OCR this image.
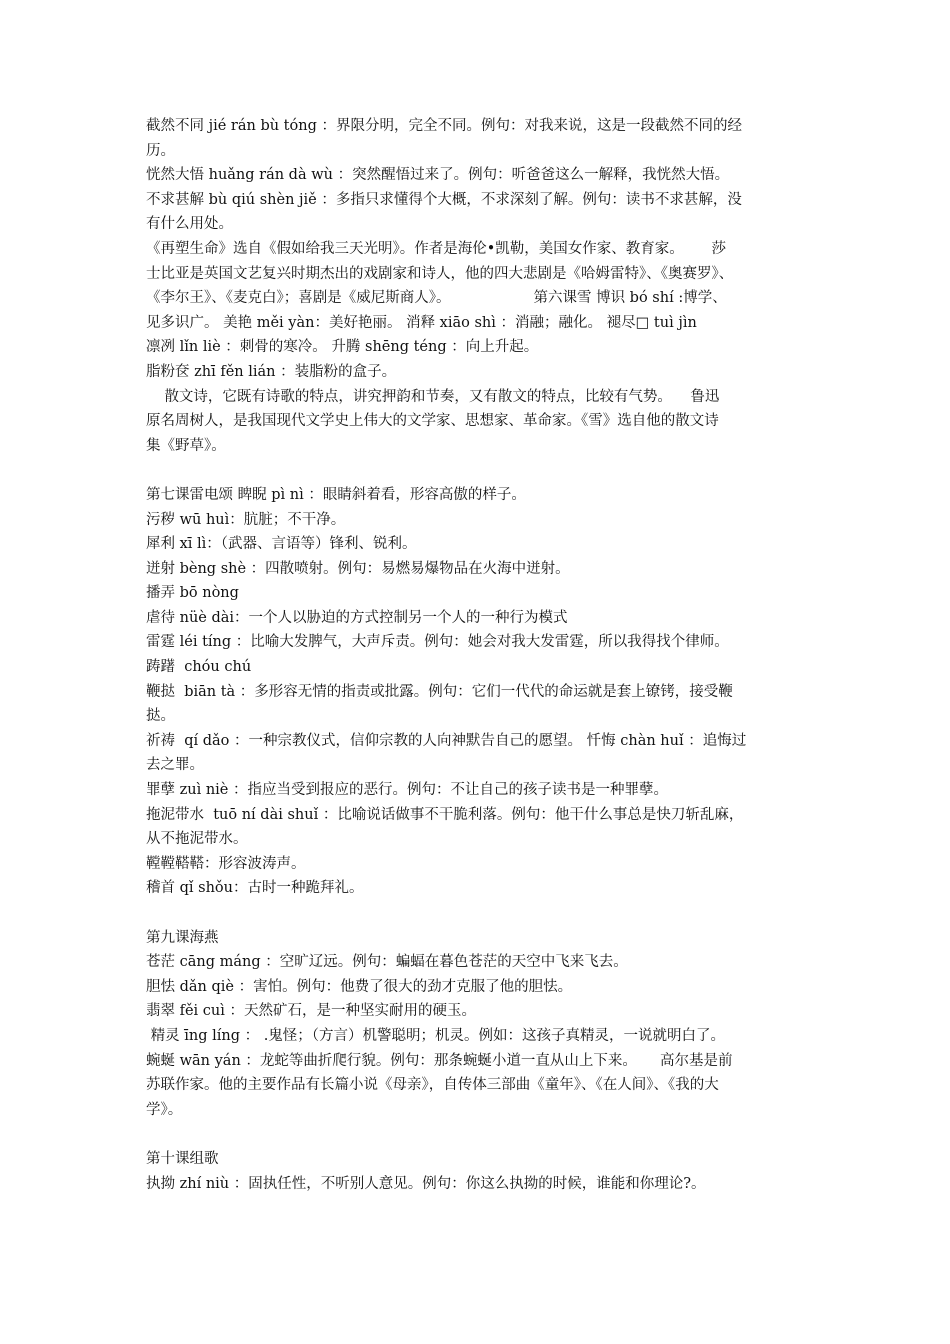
截然不同 jié rán bù tóng ：界限分明，完全不同。例句：对我来说，这是一段截然不同的经
历。
恍然大悟 huǎng rán dà wù ：突然醒悟过来了。例句：听爸爸这么一解释，我恍然大悟。
不求甚解 bù qiú shèn jiě ：多指只求懂得个大概，不求深刻了解。例句：读书不求甚解，没
有什么用处。
《再塑生命》选自《假如给我三天光明》。作者是海伦•凯勒，美国女作家、教育家。      莎
士比亚是英国文艺复兴时期杰出的戏剧家和诗人，他的四大悲剧是《哈姆雷特》、《奥赛罗》、
《李尔王》、《麦克白》；喜剧是《威尼斯商人》。                  第六课雪 博识 bó shí :博学、
见多识广。 美艳 měi yàn：美好艳丽。 消释 xiāo shì ：消融；融化。 褪尽□ tuì jìn
凛冽 lǐn liè ：刺骨的寒冷。 升腾 shēng téng ：向上升起。
脂粉奁 zhī fěn lián ：装脂粉的盒子。
散文诗，它既有诗歌的特点，讲究押韵和节奏，又有散文的特点，比较有气势。    鲁迅
原名周树人，是我国现代文学史上伟大的文学家、思想家、革命家。《雪》选自他的散文诗
集《野草》。
第七课雷电颂 睥睨 pì nì ：眼睛斜着看，形容高傲的样子。
污秽 wū huì：肮脏；不干净。
犀利 xī lì：（武器、言语等）锋利、锐利。
迸射 bèng shè ：四散喷射。例句：易燃易爆物品在火海中迸射。
播弄 bō nòng
虐待 nüè dài：一个人以胁迫的方式控制另一个人的一种行为模式
雷霆 léi tíng ：比喻大发脾气，大声斥责。例句：她会对我大发雷霆，所以我得找个律师。
踌躇  chóu chú
鞭挞  biān tà ：多形容无情的指责或批露。例句：它们一代代的命运就是套上镣铐，接受鞭
挞。
祈祷  qí dǎo ：一种宗教仪式，信仰宗教的人向神默告自己的愿望。 忏悔 chàn huǐ ：追悔过
去之罪。
罪孽 zuì niè ：指应当受到报应的恶行。例句：不让自己的孩子读书是一种罪孽。
拖泥带水  tuō ní dài shuǐ ：比喻说话做事不干脆利落。例句：他干什么事总是快刀斩乱麻，
从不拖泥带水。
鞺鞺鞳鞳：形容波涛声。
稽首 qǐ shǒu：古时一种跪拜礼。
第九课海燕
苍茫 cāng máng ：空旷辽远。例句：蝙蝠在暮色苍茫的天空中飞来飞去。
胆怯 dǎn qiè ：害怕。例句：他费了很大的劲才克服了他的胆怯。
翡翠 fěi cuì ：天然矿石，是一种坚实耐用的硬玉。
精灵 īng líng ： .鬼怪；（方言）机警聪明；机灵。例如：这孩子真精灵，一说就明白了。
蜿蜒 wān yán ：龙蛇等曲折爬行貌。例句：那条蜿蜒小道一直从山上下来。     高尔基是前
苏联作家。他的主要作品有长篇小说《母亲》，自传体三部曲《童年》、《在人间》、《我的大
学》。
第十课组歌
执拗 zhí niù ：固执任性，不听别人意见。例句：你这么执拗的时候，谁能和你理论?。
